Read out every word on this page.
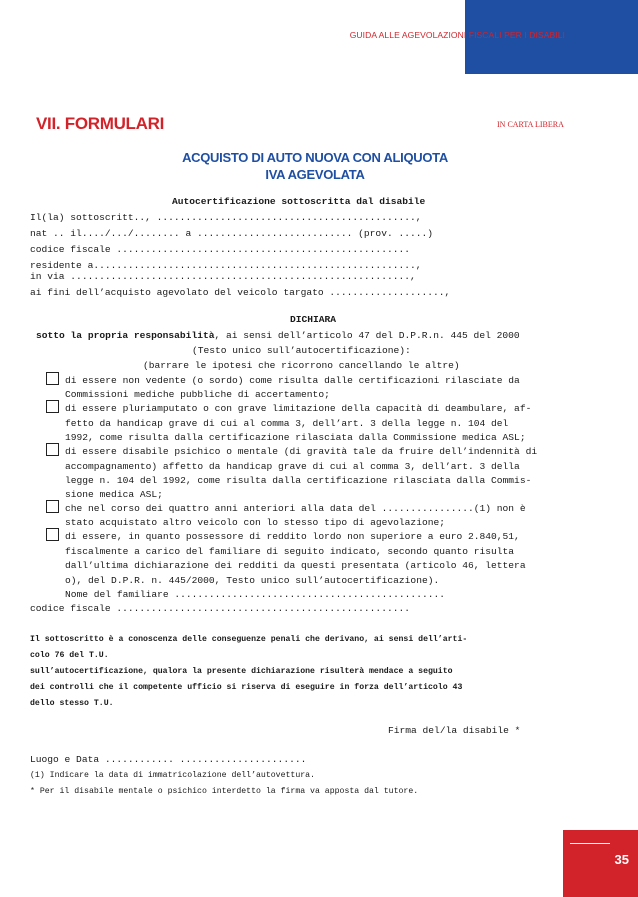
GUIDA ALLE AGEVOLAZIONI FISCALI PER I DISABILI
VII. FORMULARI	IN CARTA LIBERA
ACQUISTO DI AUTO NUOVA CON ALIQUOTA
IVA AGEVOLATA
Autocertificazione sottoscritta dal disabile
Il(la) sottoscritt.., .............................................,
nat .. il..../.../........ a ........................... (prov. .....)
codice fiscale ...................................................
residente a........................................................,
in via ...........................................................,
ai fini dell’acquisto agevolato del veicolo targato ....................,
DICHIARA
sotto la propria responsabilità, ai sensi dell’articolo 47 del D.P.R.n. 445 del 2000
(Testo unico sull’autocertificazione):
(barrare le ipotesi che ricorrono cancellando le altre)
di essere non vedente (o sordo) come risulta dalle certificazioni rilasciate da
Commissioni mediche pubbliche di accertamento;
di essere pluriamputato o con grave limitazione della capacità di deambulare, af-
fetto da handicap grave di cui al comma 3, dell’art. 3 della legge n. 104 del
1992, come risulta dalla certificazione rilasciata dalla Commissione medica ASL;
di essere disabile psichico o mentale (di gravità tale da fruire dell’indennità di
accompagnamento) affetto da handicap grave di cui al comma 3, dell’art. 3 della
legge n. 104 del 1992, come risulta dalla certificazione rilasciata dalla Commis-
sione medica ASL;
che nel corso dei quattro anni anteriori alla data del ................(1) non è
stato acquistato altro veicolo con lo stesso tipo di agevolazione;
di essere, in quanto possessore di reddito lordo non superiore a euro 2.840,51,
fiscalmente a carico del familiare di seguito indicato, secondo quanto risulta
dall’ultima dichiarazione dei redditi da questi presentata (articolo 46, lettera
o), del D.P.R. n. 445/2000, Testo unico sull’autocertificazione).
Nome del familiare ...............................................
codice fiscale ...................................................
Il sottoscritto è a conoscenza delle conseguenze penali che derivano, ai sensi dell’arti-
colo 76 del T.U.
sull’autocertificazione, qualora la presente dichiarazione risulterà mendace a seguito
dei controlli che il competente ufficio si riserva di eseguire in forza dell’articolo 43
dello stesso T.U.
Firma del/la disabile *
Luogo e Data ............ ......................
(1) Indicare la data di immatricolazione dell’autovettura.
* Per il disabile mentale o psichico interdetto la firma va apposta dal tutore.
35
